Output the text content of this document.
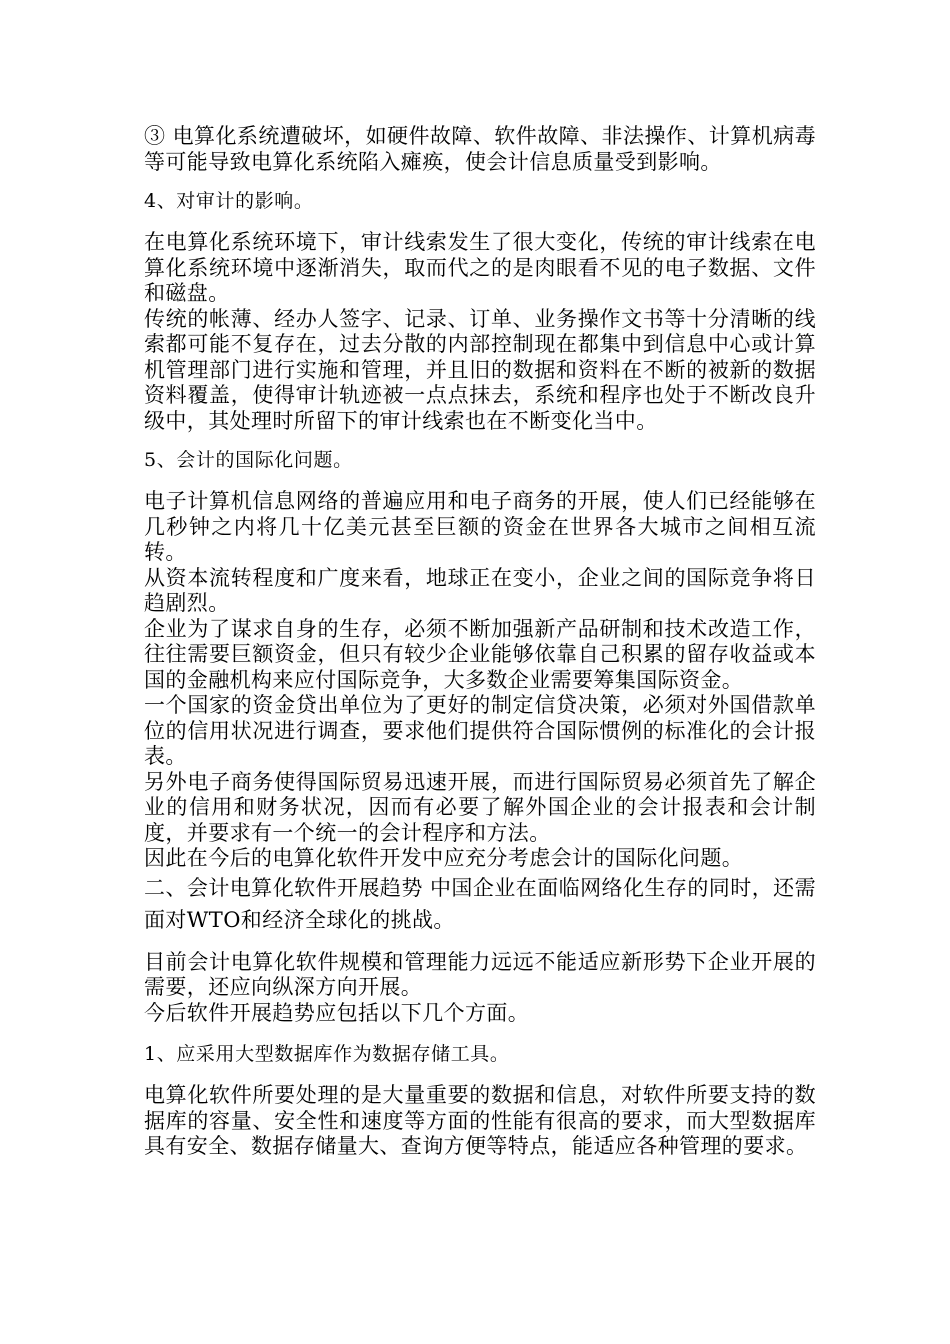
③ 电算化系统遭破坏，如硬件故障、软件故障、非法操作、计算机病毒等可能导致电算化系统陷入瘫痪，使会计信息质量受到影响。

4、对审计的影响。

在电算化系统环境下，审计线索发生了很大变化，传统的审计线索在电算化系统环境中逐渐消失，取而代之的是肉眼看不见的电子数据、文件和磁盘。

传统的帐薄、经办人签字、记录、订单、业务操作文书等十分清晰的线索都可能不复存在，过去分散的内部控制现在都集中到信息中心或计算机管理部门进行实施和管理，并且旧的数据和资料在不断的被新的数据资料覆盖，使得审计轨迹被一点点抹去，系统和程序也处于不断改良升级中，其处理时所留下的审计线索也在不断变化当中。

5、会计的国际化问题。

电子计算机信息网络的普遍应用和电子商务的开展，使人们已经能够在几秒钟之内将几十亿美元甚至巨额的资金在世界各大城市之间相互流转。

从资本流转程度和广度来看，地球正在变小，企业之间的国际竞争将日趋剧烈。

企业为了谋求自身的生存，必须不断加强新产品研制和技术改造工作，往往需要巨额资金，但只有较少企业能够依靠自己积累的留存收益或本国的金融机构来应付国际竞争，大多数企业需要筹集国际资金。

一个国家的资金贷出单位为了更好的制定信贷决策，必须对外国借款单位的信用状况进行调查，要求他们提供符合国际惯例的标准化的会计报表。

另外电子商务使得国际贸易迅速开展，而进行国际贸易必须首先了解企业的信用和财务状况，因而有必要了解外国企业的会计报表和会计制度，并要求有一个统一的会计程序和方法。

因此在今后的电算化软件开发中应充分考虑会计的国际化问题。

二、会计电算化软件开展趋势 中国企业在面临网络化生存的同时，还需面对WTO和经济全球化的挑战。

目前会计电算化软件规模和管理能力远远不能适应新形势下企业开展的需要，还应向纵深方向开展。

今后软件开展趋势应包括以下几个方面。

1、应采用大型数据库作为数据存储工具。

电算化软件所要处理的是大量重要的数据和信息，对软件所要支持的数据库的容量、安全性和速度等方面的性能有很高的要求，而大型数据库具有安全、数据存储量大、查询方便等特点，能适应各种管理的要求。
